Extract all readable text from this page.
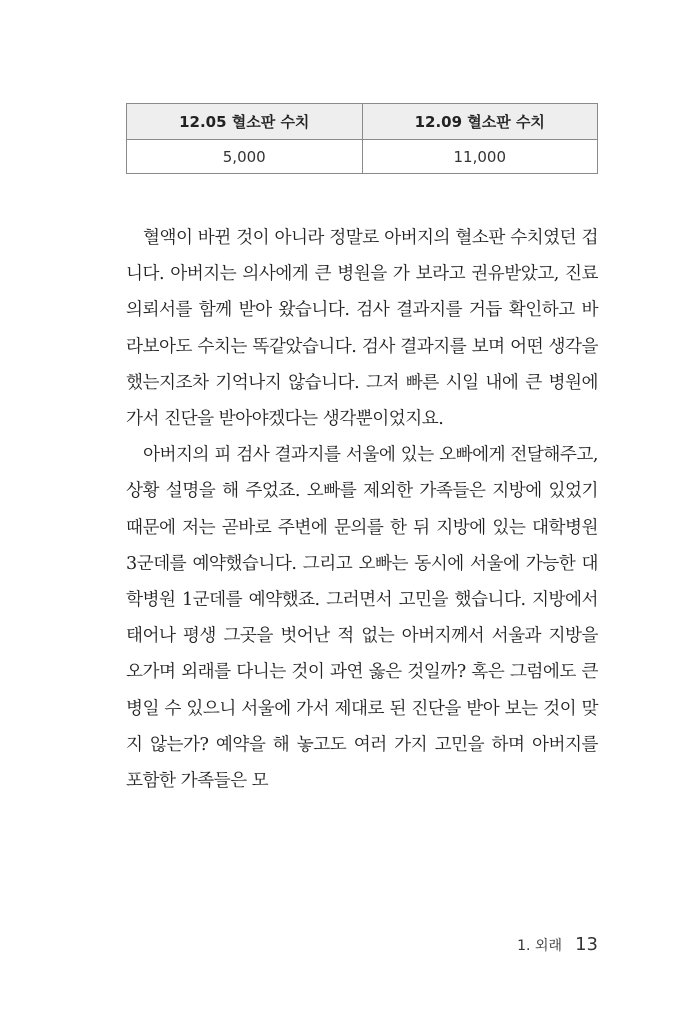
12.05 혈소판 수치	12.09 혈소판 수치
5,000	11,000

혈액이 바뀐 것이 아니라 정말로 아버지의 혈소판 수치였던 겁니다. 아버지는 의사에게 큰 병원을 가 보라고 권유받았고, 진료의뢰서를 함께 받아 왔습니다. 검사 결과지를 거듭 확인하고 바라보아도 수치는 똑같았습니다. 검사 결과지를 보며 어떤 생각을 했는지조차 기억나지 않습니다. 그저 빠른 시일 내에 큰 병원에 가서 진단을 받아야겠다는 생각뿐이었지요.

아버지의 피 검사 결과지를 서울에 있는 오빠에게 전달해주고, 상황 설명을 해 주었죠. 오빠를 제외한 가족들은 지방에 있었기 때문에 저는 곧바로 주변에 문의를 한 뒤 지방에 있는 대학병원 3군데를 예약했습니다. 그리고 오빠는 동시에 서울에 가능한 대학병원 1군데를 예약했죠. 그러면서 고민을 했습니다. 지방에서 태어나 평생 그곳을 벗어난 적 없는 아버지께서 서울과 지방을 오가며 외래를 다니는 것이 과연 옳은 것일까? 혹은 그럼에도 큰 병일 수 있으니 서울에 가서 제대로 된 진단을 받아 보는 것이 맞지 않는가? 예약을 해 놓고도 여러 가지 고민을 하며 아버지를 포함한 가족들은 모

1. 외래 13
